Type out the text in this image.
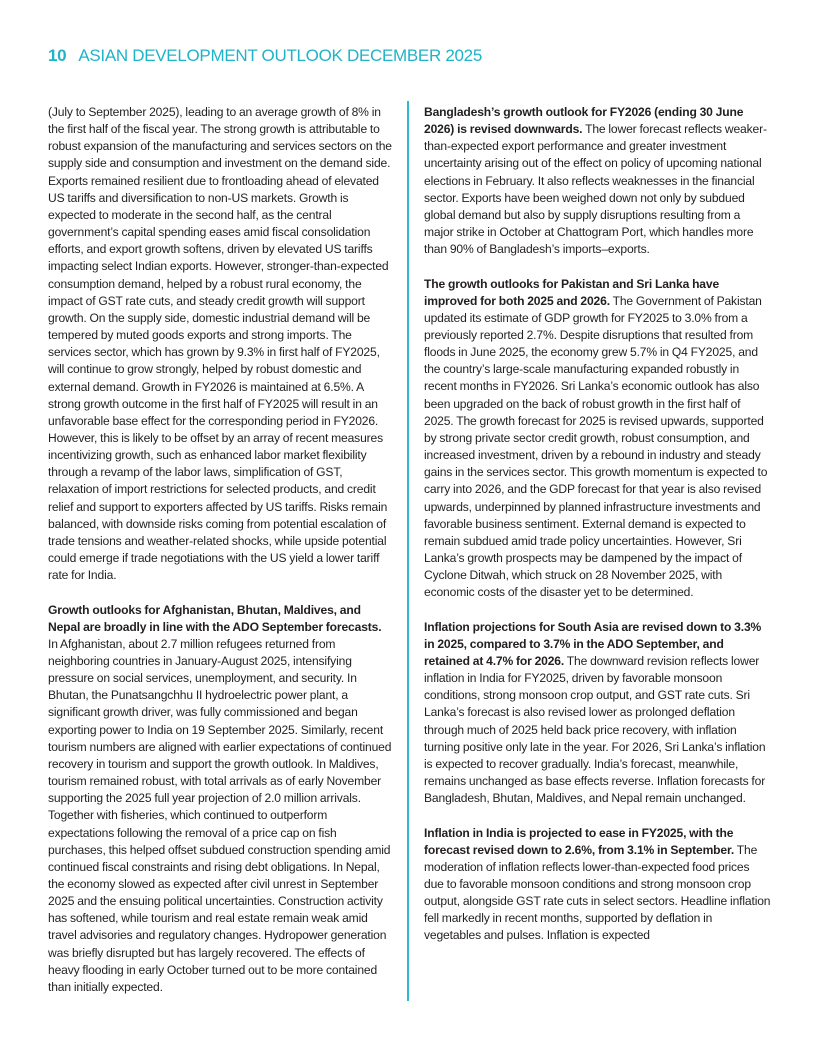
10 ASIAN DEVELOPMENT OUTLOOK DECEMBER 2025

(July to September 2025), leading to an average growth of 8% in the first half of the fiscal year. The strong growth is attributable to robust expansion of the manufacturing and services sectors on the supply side and consumption and investment on the demand side. Exports remained resilient due to frontloading ahead of elevated US tariffs and diversification to non-US markets. Growth is expected to moderate in the second half, as the central government’s capital spending eases amid fiscal consolidation efforts, and export growth softens, driven by elevated US tariffs impacting select Indian exports. However, stronger-than-expected consumption demand, helped by a robust rural economy, the impact of GST rate cuts, and steady credit growth will support growth. On the supply side, domestic industrial demand will be tempered by muted goods exports and strong imports. The services sector, which has grown by 9.3% in first half of FY2025, will continue to grow strongly, helped by robust domestic and external demand. Growth in FY2026 is maintained at 6.5%. A strong growth outcome in the first half of FY2025 will result in an unfavorable base effect for the corresponding period in FY2026. However, this is likely to be offset by an array of recent measures incentivizing growth, such as enhanced labor market flexibility through a revamp of the labor laws, simplification of GST, relaxation of import restrictions for selected products, and credit relief and support to exporters affected by US tariffs. Risks remain balanced, with downside risks coming from potential escalation of trade tensions and weather-related shocks, while upside potential could emerge if trade negotiations with the US yield a lower tariff rate for India.

Growth outlooks for Afghanistan, Bhutan, Maldives, and Nepal are broadly in line with the ADO September forecasts. In Afghanistan, about 2.7 million refugees returned from neighboring countries in January-August 2025, intensifying pressure on social services, unemployment, and security. In Bhutan, the Punatsangchhu II hydroelectric power plant, a significant growth driver, was fully commissioned and began exporting power to India on 19 September 2025. Similarly, recent tourism numbers are aligned with earlier expectations of continued recovery in tourism and support the growth outlook. In Maldives, tourism remained robust, with total arrivals as of early November supporting the 2025 full year projection of 2.0 million arrivals. Together with fisheries, which continued to outperform expectations following the removal of a price cap on fish purchases, this helped offset subdued construction spending amid continued fiscal constraints and rising debt obligations. In Nepal, the economy slowed as expected after civil unrest in September 2025 and the ensuing political uncertainties. Construction activity has softened, while tourism and real estate remain weak amid travel advisories and regulatory changes. Hydropower generation was briefly disrupted but has largely recovered. The effects of heavy flooding in early October turned out to be more contained than initially expected.

Bangladesh’s growth outlook for FY2026 (ending 30 June 2026) is revised downwards. The lower forecast reflects weaker-than-expected export performance and greater investment uncertainty arising out of the effect on policy of upcoming national elections in February. It also reflects weaknesses in the financial sector. Exports have been weighed down not only by subdued global demand but also by supply disruptions resulting from a major strike in October at Chattogram Port, which handles more than 90% of Bangladesh’s imports–exports.

The growth outlooks for Pakistan and Sri Lanka have improved for both 2025 and 2026. The Government of Pakistan updated its estimate of GDP growth for FY2025 to 3.0% from a previously reported 2.7%. Despite disruptions that resulted from floods in June 2025, the economy grew 5.7% in Q4 FY2025, and the country’s large-scale manufacturing expanded robustly in recent months in FY2026. Sri Lanka’s economic outlook has also been upgraded on the back of robust growth in the first half of 2025. The growth forecast for 2025 is revised upwards, supported by strong private sector credit growth, robust consumption, and increased investment, driven by a rebound in industry and steady gains in the services sector. This growth momentum is expected to carry into 2026, and the GDP forecast for that year is also revised upwards, underpinned by planned infrastructure investments and favorable business sentiment. External demand is expected to remain subdued amid trade policy uncertainties. However, Sri Lanka’s growth prospects may be dampened by the impact of Cyclone Ditwah, which struck on 28 November 2025, with economic costs of the disaster yet to be determined.

Inflation projections for South Asia are revised down to 3.3% in 2025, compared to 3.7% in the ADO September, and retained at 4.7% for 2026. The downward revision reflects lower inflation in India for FY2025, driven by favorable monsoon conditions, strong monsoon crop output, and GST rate cuts. Sri Lanka’s forecast is also revised lower as prolonged deflation through much of 2025 held back price recovery, with inflation turning positive only late in the year. For 2026, Sri Lanka’s inflation is expected to recover gradually. India’s forecast, meanwhile, remains unchanged as base effects reverse. Inflation forecasts for Bangladesh, Bhutan, Maldives, and Nepal remain unchanged.

Inflation in India is projected to ease in FY2025, with the forecast revised down to 2.6%, from 3.1% in September. The moderation of inflation reflects lower-than-expected food prices due to favorable monsoon conditions and strong monsoon crop output, alongside GST rate cuts in select sectors. Headline inflation fell markedly in recent months, supported by deflation in vegetables and pulses. Inflation is expected
